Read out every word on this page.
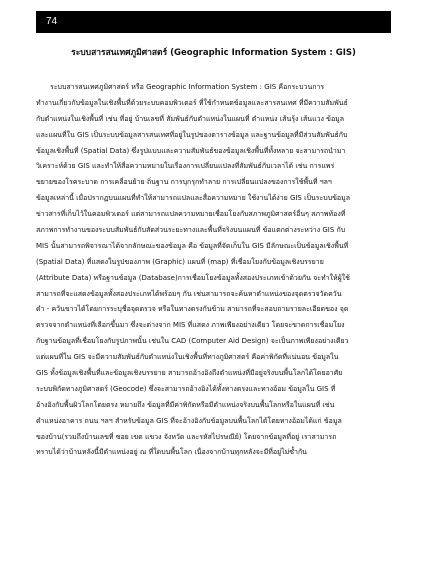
74
ระบบสารสนเทศภูมิศาสตร์ (Geographic Information System : GIS)
ระบบสารสนเทศภูมิศาสตร์ หรือ Geographic Information System : GIS คือกระบวนการ
ทำงานเกี่ยวกับข้อมูลในเชิงพื้นที่ด้วยระบบคอมพิวเตอร์ ที่ใช้กำหนดข้อมูลและสารสนเทศ ที่มีความสัมพันธ์
กับตำแหน่งในเชิงพื้นที่ เช่น ที่อยู่ บ้านเลขที่ สัมพันธ์กับตำแหน่งในแผนที่ ตำแหน่ง เส้นรุ้ง เส้นแวง ข้อมูล
และแผนที่ใน GIS เป็นระบบข้อมูลสารสนเทศที่อยู่ในรูปของตารางข้อมูล และฐานข้อมูลที่มีส่วนสัมพันธ์กับ
ข้อมูลเชิงพื้นที่ (Spatial Data) ซึ่งรูปแบบและความสัมพันธ์ของข้อมูลเชิงพื้นที่ทั้งหลาย จะสามารถนำมา
วิเคราะห์ด้วย GIS และทำให้สื่อความหมายในเรื่องการเปลี่ยนแปลงที่สัมพันธ์กับเวลาได้ เช่น การแพร่
ขยายของโรคระบาด การเคลื่อนย้าย ถิ่นฐาน การบุกรุกทำลาย การเปลี่ยนแปลงของการใช้พื้นที่ ฯลฯ
ข้อมูลเหล่านี้ เมื่อปรากฏบนแผนที่ทำให้สามารถแปลและสื่อความหมาย ใช้งานได้ง่าย GIS เป็นระบบข้อมูล
ข่าวสารที่เก็บไว้ในคอมพิวเตอร์ แต่สามารถแปลความหมายเชื่อมโยงกับสภาพภูมิศาสตร์อื่นๆ สภาพท้องที่
สภาพการทำงานของระบบสัมพันธ์กับสัดส่วนระยะทางและพื้นที่จริงบนแผนที่ ข้อแตกต่างระหว่าง GIS กับ
MIS นั้นสามารถพิจารณาได้จากลักษณะของข้อมูล คือ ข้อมูลที่จัดเก็บใน GIS มีลักษณะเป็นข้อมูลเชิงพื้นที่
(Spatial Data) ที่แสดงในรูปของภาพ (Graphic) แผนที่ (map) ที่เชื่อมโยงกับข้อมูลเชิงบรรยาย
(Attribute Data) หรือฐานข้อมูล (Database)การเชื่อมโยงข้อมูลทั้งสองประเภทเข้าด้วยกัน จะทำให้ผู้ใช้
สามารถที่จะแสดงข้อมูลทั้งสองประเภทได้พร้อมๆ กัน เช่นสามารถจะค้นหาตำแหน่งของจุดตรวจวัดควัน
ดำ - ควันขาวได้โดยการระบุชื่อจุดตรวจ หรือในทางตรงกันข้าม สามารถที่จะสอบถามรายละเอียดของ จุด
ตรวจจากตำแหน่งที่เลือกขึ้นมา ซึ่งจะต่างจาก MIS ที่แสดง ภาพเพียงอย่างเดียว โดยจะขาดการเชื่อมโยง
กับฐานข้อมูลที่เชื่อมโยงกับรูปภาพนั้น เช่นใน CAD (Computer Aid Design) จะเป็นภาพเพียงอย่างเดียว
แต่แผนที่ใน GIS จะมีความสัมพันธ์กับตำแหน่งในเชิงพื้นที่ทางภูมิศาสตร์ คือค่าพิกัดที่แน่นอน ข้อมูลใน
GIS ทั้งข้อมูลเชิงพื้นที่และข้อมูลเชิงบรรยาย สามารถอ้างอิงถึงตำแหน่งที่มีอยู่จริงบนพื้นโลกได้โดยอาศัย
ระบบพิกัดทางภูมิศาสตร์ (Geocode) ซึ่งจะสามารถอ้างอิงได้ทั้งทางตรงและทางอ้อม ข้อมูลใน GIS ที่
อ้างอิงกับพื้นผิวโลกโดยตรง หมายถึง ข้อมูลที่มีค่าพิกัดหรือมีตำแหน่งจริงบนพื้นโลกหรือในแผนที่ เช่น
ตำแหน่งอาคาร ถนน ฯลฯ สำหรับข้อมูล GIS ที่จะอ้างอิงกับข้อมูลบนพื้นโลกได้โดยทางอ้อมได้แก่ ข้อมูล
ของบ้าน(รวมถึงบ้านเลขที่ ซอย เขต แขวง จังหวัด และรหัสไปรษณีย์) โดยจากข้อมูลที่อยู่ เราสามารถ
ทราบได้ว่าบ้านหลังนี้มีตำแหน่งอยู่ ณ ที่ใดบนพื้นโลก เนื่องจากบ้านทุกหลังจะมีที่อยู่ไม่ซ้ำกัน
